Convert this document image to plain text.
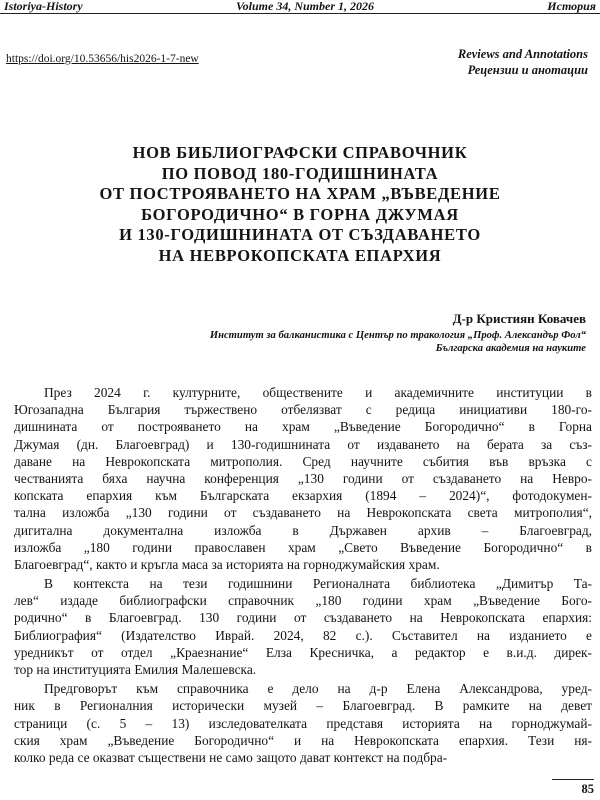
Istoriya-History	Volume 34, Number 1, 2026	История
https://doi.org/10.53656/his2026-1-7-new	Reviews and Annotations
Рецензии и анотации
НОВ БИБЛИОГРАФСКИ СПРАВОЧНИК
ПО ПОВОД 180-ГОДИШНИНАТА
ОТ ПОСТРОЯВАНЕТО НА ХРАМ „ВЪВЕДЕНИЕ
БОГОРОДИЧНО“ В ГОРНА ДЖУМАЯ
И 130-ГОДИШНИНАТА ОТ СЪЗДАВАНЕТО
НА НЕВРОКОПСКАТА ЕПАРХИЯ
Д-р Кристиян Ковачев
Институт за балканистика с Център по тракология „Проф. Александър Фол“
Българска академия на науките
През 2024 г. културните, обществените и академичните институции в
Югозападна България тържествено отбелязват с редица инициативи 180-го-
дишнината от построяването на храм „Въведение Богородично“ в Горна
Джумая (дн. Благоевград) и 130-годишнината от издаването на берата за съз-
даване на Неврокопската митрополия. Сред научните събития във връзка с
честванията бяха научна конференция „130 години от създаването на Невро-
копската епархия към Българската екзархия (1894 – 2024)“, фотодокумен-
тална изложба „130 години от създаването на Неврокопската света митрополия“,
дигитална документална изложба в Държавен архив – Благоевград,
изложба „180 години православен храм „Свето Въведение Богородично“ в
Благоевград“, както и кръгла маса за историята на горноджумайския храм.
В контекста на тези годишнини Регионалната библиотека „Димитър Та-
лев“ издаде библиографски справочник „180 години храм „Въведение Бого-
родично“ в Благоевград. 130 години от създаването на Неврокопската епархия:
Библиография“ (Издателство Иврай. 2024, 82 с.). Съставител на изданието е
уредникът от отдел „Краезнание“ Елза Кресничка, а редактор е в.и.д. дирек-
тор на институцията Емилия Малешевска.
Предговорът към справочника е дело на д-р Елена Александрова, уред-
ник в Регионалния исторически музей – Благоевград. В рамките на девет
страници (с. 5 – 13) изследователката представя историята на горноджумай-
ския храм „Въведение Богородично“ и на Неврокопската епархия. Тези ня-
колко реда се оказват съществени не само защото дават контекст на подбра-
85
